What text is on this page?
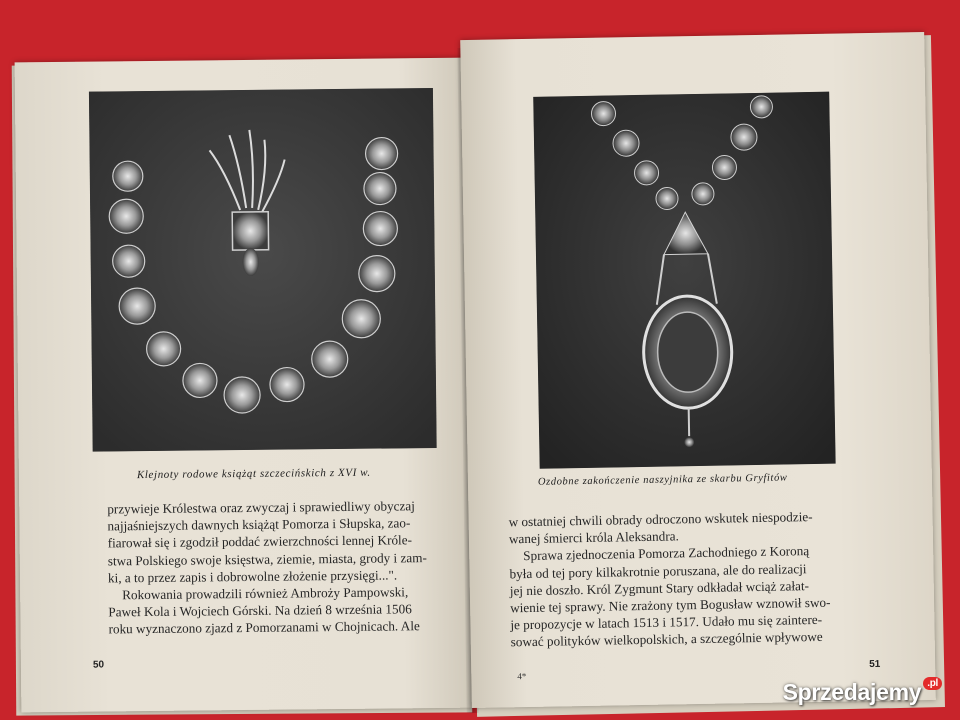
Klejnoty rodowe książąt szczecińskich z XVI w.
przywieje Królestwa oraz zwyczaj i sprawiedliwy obyczaj
najjaśniejszych dawnych książąt Pomorza i Słupska, zao-
fiarował się i zgodził poddać zwierzchności lennej Króle-
stwa Polskiego swoje księstwa, ziemie, miasta, grody i zam-
ki, a to przez zapis i dobrowolne złożenie przysięgi...".
Rokowania prowadzili również Ambroży Pampowski,
Paweł Kola i Wojciech Górski. Na dzień 8 września 1506
roku wyznaczono zjazd z Pomorzanami w Chojnicach. Ale
50
Ozdobne zakończenie naszyjnika ze skarbu Gryfitów
w ostatniej chwili obrady odroczono wskutek niespodzie-
wanej śmierci króla Aleksandra.
Sprawa zjednoczenia Pomorza Zachodniego z Koroną
była od tej pory kilkakrotnie poruszana, ale do realizacji
jej nie doszło. Król Zygmunt Stary odkładał wciąż załat-
wienie tej sprawy. Nie zrażony tym Bogusław wznowił swo-
je propozycje w latach 1513 i 1517. Udało mu się zaintere-
sować polityków wielkopolskich, a szczególnie wpływowe
4*
51
Sprzedajemy .pl
